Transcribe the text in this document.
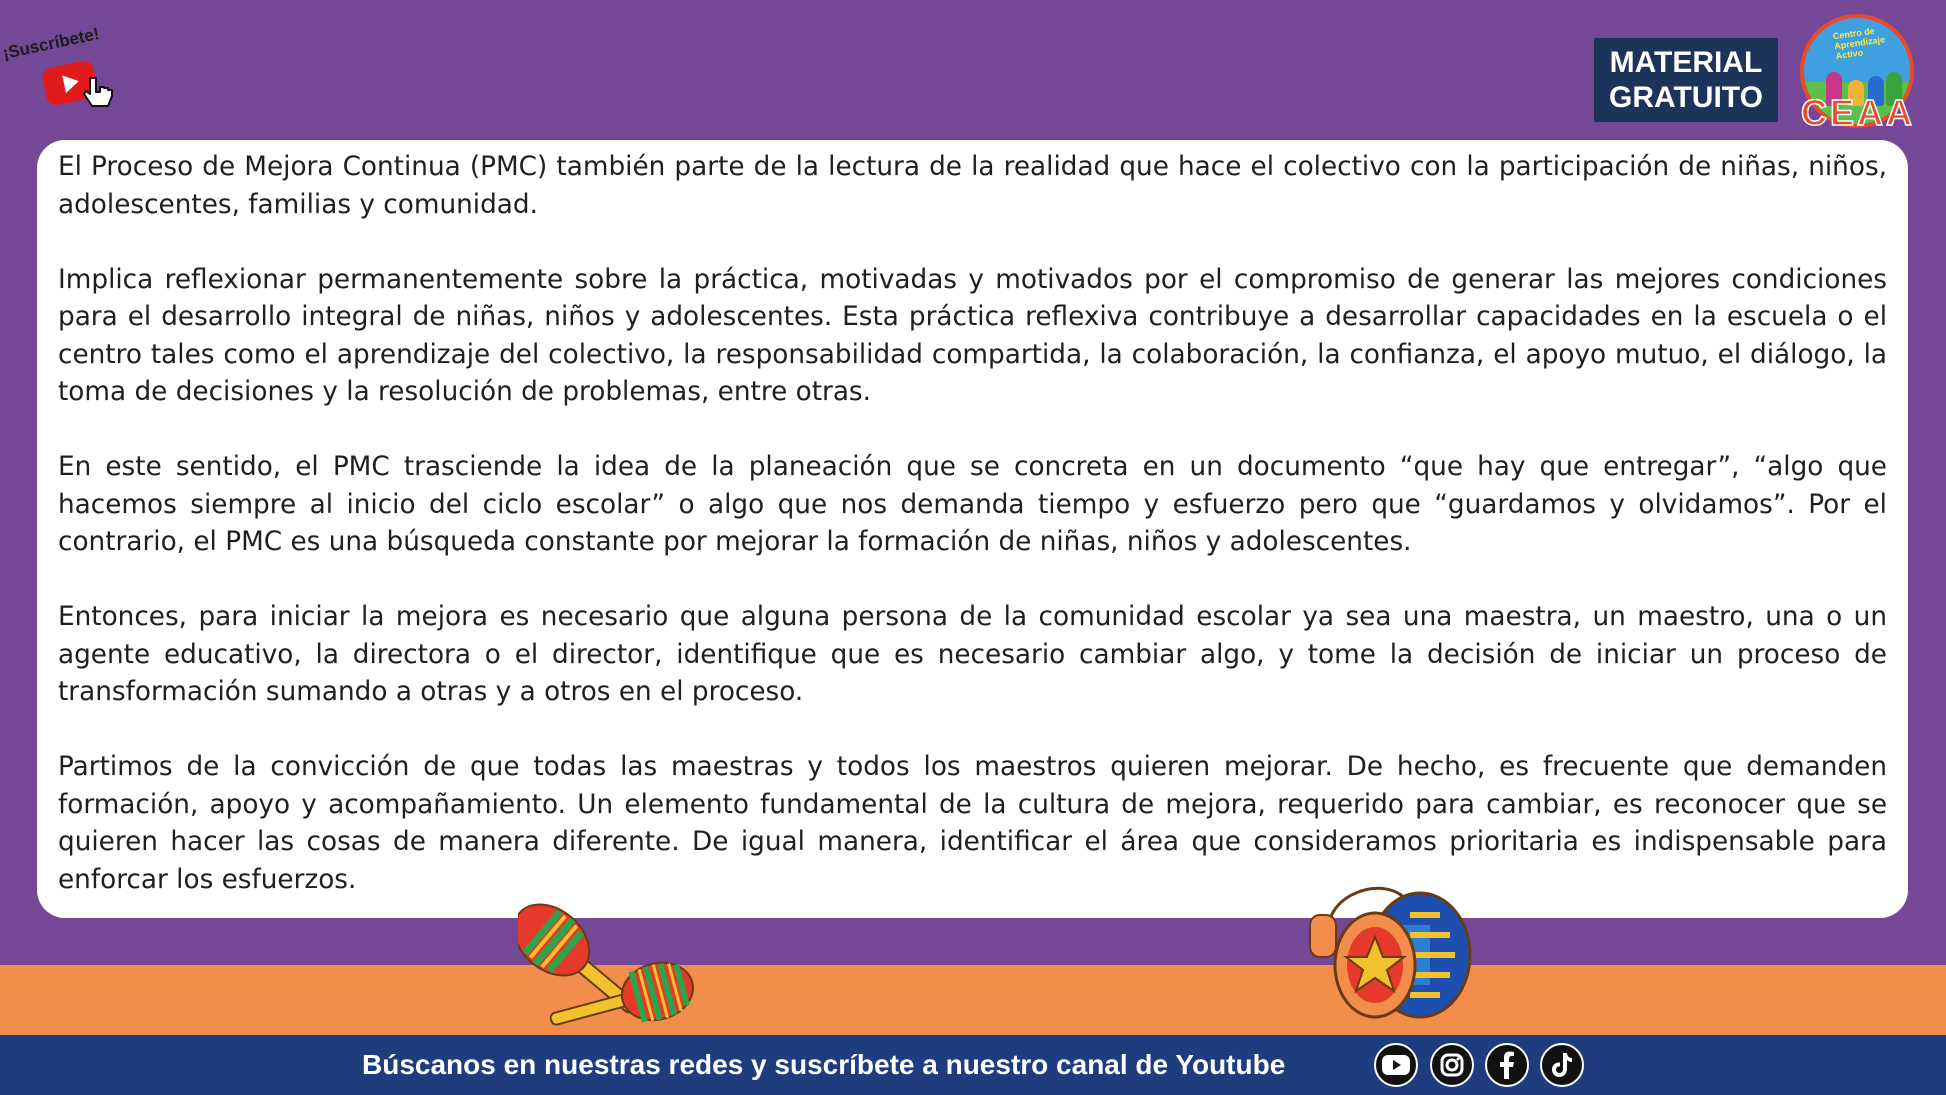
¡Suscríbete!	MATERIAL
GRATUITO
Centro de Aprendizaje Activo
CEAA

El Proceso de Mejora Continua (PMC) también parte de la lectura de la realidad que hace el colectivo con la participación de niñas, niños, adolescentes, familias y comunidad.

Implica reflexionar permanentemente sobre la práctica, motivadas y motivados por el compromiso de generar las mejores condiciones para el desarrollo integral de niñas, niños y adolescentes. Esta práctica reflexiva contribuye a desarrollar capacidades en la escuela o el centro tales como el aprendizaje del colectivo, la responsabilidad compartida, la colaboración, la confianza, el apoyo mutuo, el diálogo, la toma de decisiones y la resolución de problemas, entre otras.

En este sentido, el PMC trasciende la idea de la planeación que se concreta en un documento “que hay que entregar”, “algo que hacemos siempre al inicio del ciclo escolar” o algo que nos demanda tiempo y esfuerzo pero que “guardamos y olvidamos”. Por el contrario, el PMC es una búsqueda constante por mejorar la formación de niñas, niños y adolescentes.

Entonces, para iniciar la mejora es necesario que alguna persona de la comunidad escolar ya sea una maestra, un maestro, una o un agente educativo, la directora o el director, identifique que es necesario cambiar algo, y tome la decisión de iniciar un proceso de transformación sumando a otras y a otros en el proceso.

Partimos de la convicción de que todas las maestras y todos los maestros quieren mejorar. De hecho, es frecuente que demanden formación, apoyo y acompañamiento. Un elemento fundamental de la cultura de mejora, requerido para cambiar, es reconocer que se quieren hacer las cosas de manera diferente. De igual manera, identificar el área que consideramos prioritaria es indispensable para enforcar los esfuerzos.

Búscanos en nuestras redes y suscríbete a nuestro canal de Youtube
